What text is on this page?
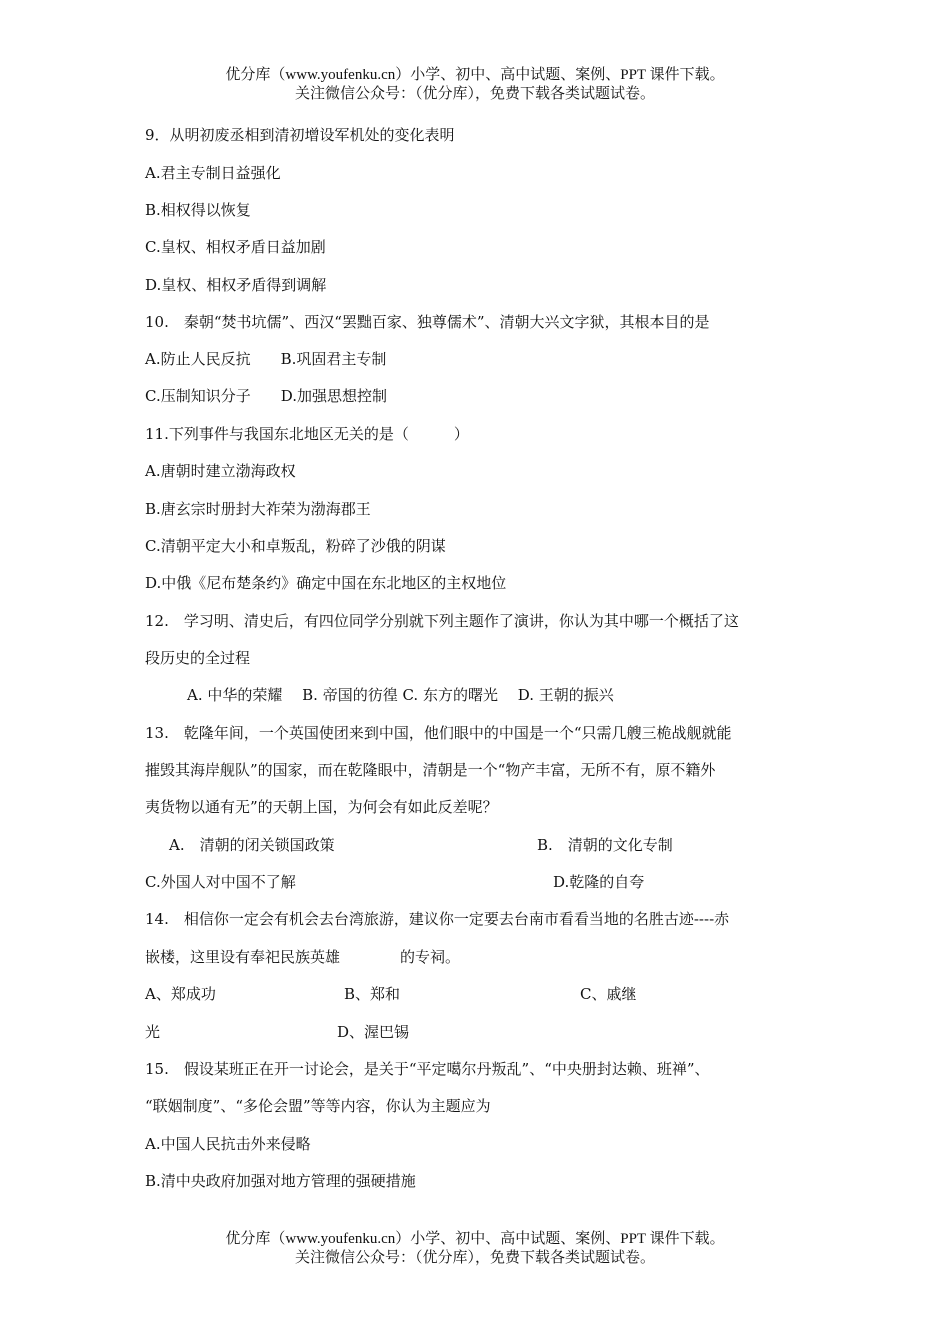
优分库（www.youfenku.cn）小学、初中、高中试题、案例、PPT 课件下载。
关注微信公众号：（优分库），免费下载各类试题试卷。
9．从明初废丞相到清初增设军机处的变化表明
A.君主专制日益强化
B.相权得以恢复
C.皇权、相权矛盾日益加剧
D.皇权、相权矛盾得到调解
10.　秦朝“焚书坑儒”、西汉“罢黜百家、独尊儒术”、清朝大兴文字狱，其根本目的是
A.防止人民反抗　　B.巩固君主专制
C.压制知识分子　　D.加强思想控制
11.下列事件与我国东北地区无关的是（　　　）
A.唐朝时建立渤海政权
B.唐玄宗时册封大祚荣为渤海郡王
C.清朝平定大小和卓叛乱，粉碎了沙俄的阴谋
D.中俄《尼布楚条约》确定中国在东北地区的主权地位
12.　学习明、清史后，有四位同学分别就下列主题作了演讲，你认为其中哪一个概括了这
段历史的全过程
A. 中华的荣耀　 B. 帝国的彷徨 C. 东方的曙光　 D. 王朝的振兴
13.　乾隆年间，一个英国使团来到中国，他们眼中的中国是一个“只需几艘三桅战舰就能
摧毁其海岸舰队”的国家，而在乾隆眼中，清朝是一个“物产丰富，无所不有，原不籍外
夷货物以通有无”的天朝上国，为何会有如此反差呢？
A.　清朝的闭关锁国政策	B.　清朝的文化专制
C.外国人对中国不了解	D.乾隆的自夸
14.　相信你一定会有机会去台湾旅游，建议你一定要去台南市看看当地的名胜古迹----赤
嵌楼，这里设有奉祀民族英雄　　　　的专祠。
A、郑成功	B、郑和	C、戚继
光	D、渥巴锡
15.　假设某班正在开一讨论会，是关于“平定噶尔丹叛乱”、“中央册封达赖、班禅”、
“联姻制度”、“多伦会盟”等等内容，你认为主题应为
A.中国人民抗击外来侵略
B.清中央政府加强对地方管理的强硬措施
优分库（www.youfenku.cn）小学、初中、高中试题、案例、PPT 课件下载。
关注微信公众号：（优分库），免费下载各类试题试卷。
